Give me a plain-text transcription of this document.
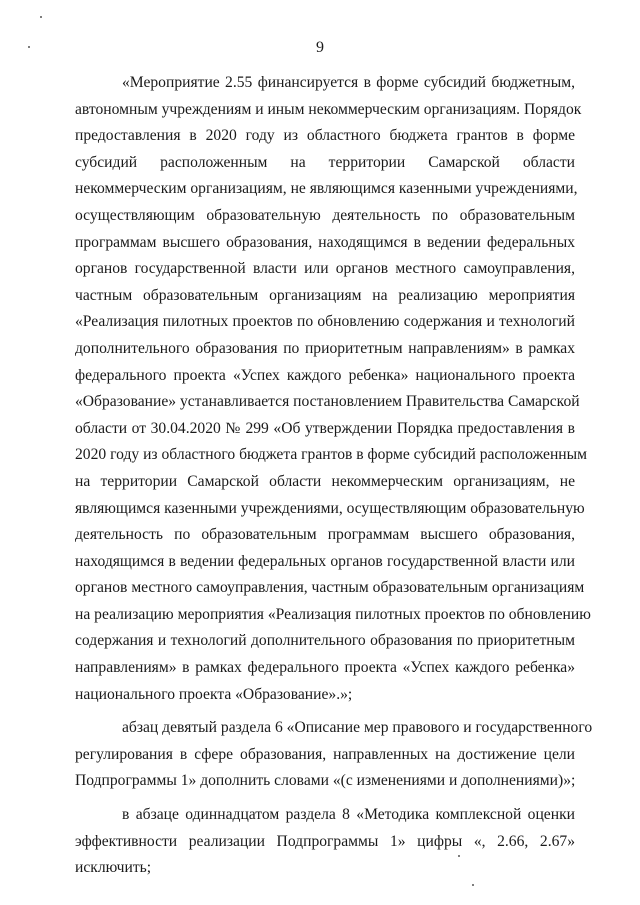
9
«Мероприятие 2.55 финансируется в форме субсидий бюджетным,
автономным учреждениям и иным некоммерческим организациям. Порядок
предоставления в 2020 году из областного бюджета грантов в форме
субсидий расположенным на территории Самарской области
некоммерческим организациям, не являющимся казенными учреждениями,
осуществляющим образовательную деятельность по образовательным
программам высшего образования, находящимся в ведении федеральных
органов государственной власти или органов местного самоуправления,
частным образовательным организациям на реализацию мероприятия
«Реализация пилотных проектов по обновлению содержания и технологий
дополнительного образования по приоритетным направлениям» в рамках
федерального проекта «Успех каждого ребенка» национального проекта
«Образование» устанавливается постановлением Правительства Самарской
области от 30.04.2020 № 299 «Об утверждении Порядка предоставления в
2020 году из областного бюджета грантов в форме субсидий расположенным
на территории Самарской области некоммерческим организациям, не
являющимся казенными учреждениями, осуществляющим образовательную
деятельность по образовательным программам высшего образования,
находящимся в ведении федеральных органов государственной власти или
органов местного самоуправления, частным образовательным организациям
на реализацию мероприятия «Реализация пилотных проектов по обновлению
содержания и технологий дополнительного образования по приоритетным
направлениям» в рамках федерального проекта «Успех каждого ребенка»
национального проекта «Образование».»;
абзац девятый раздела 6 «Описание мер правового и государственного
регулирования в сфере образования, направленных на достижение цели
Подпрограммы 1» дополнить словами «(с изменениями и дополнениями)»;
в абзаце одиннадцатом раздела 8 «Методика комплексной оценки
эффективности реализации Подпрограммы 1» цифры «, 2.66, 2.67»
исключить;
